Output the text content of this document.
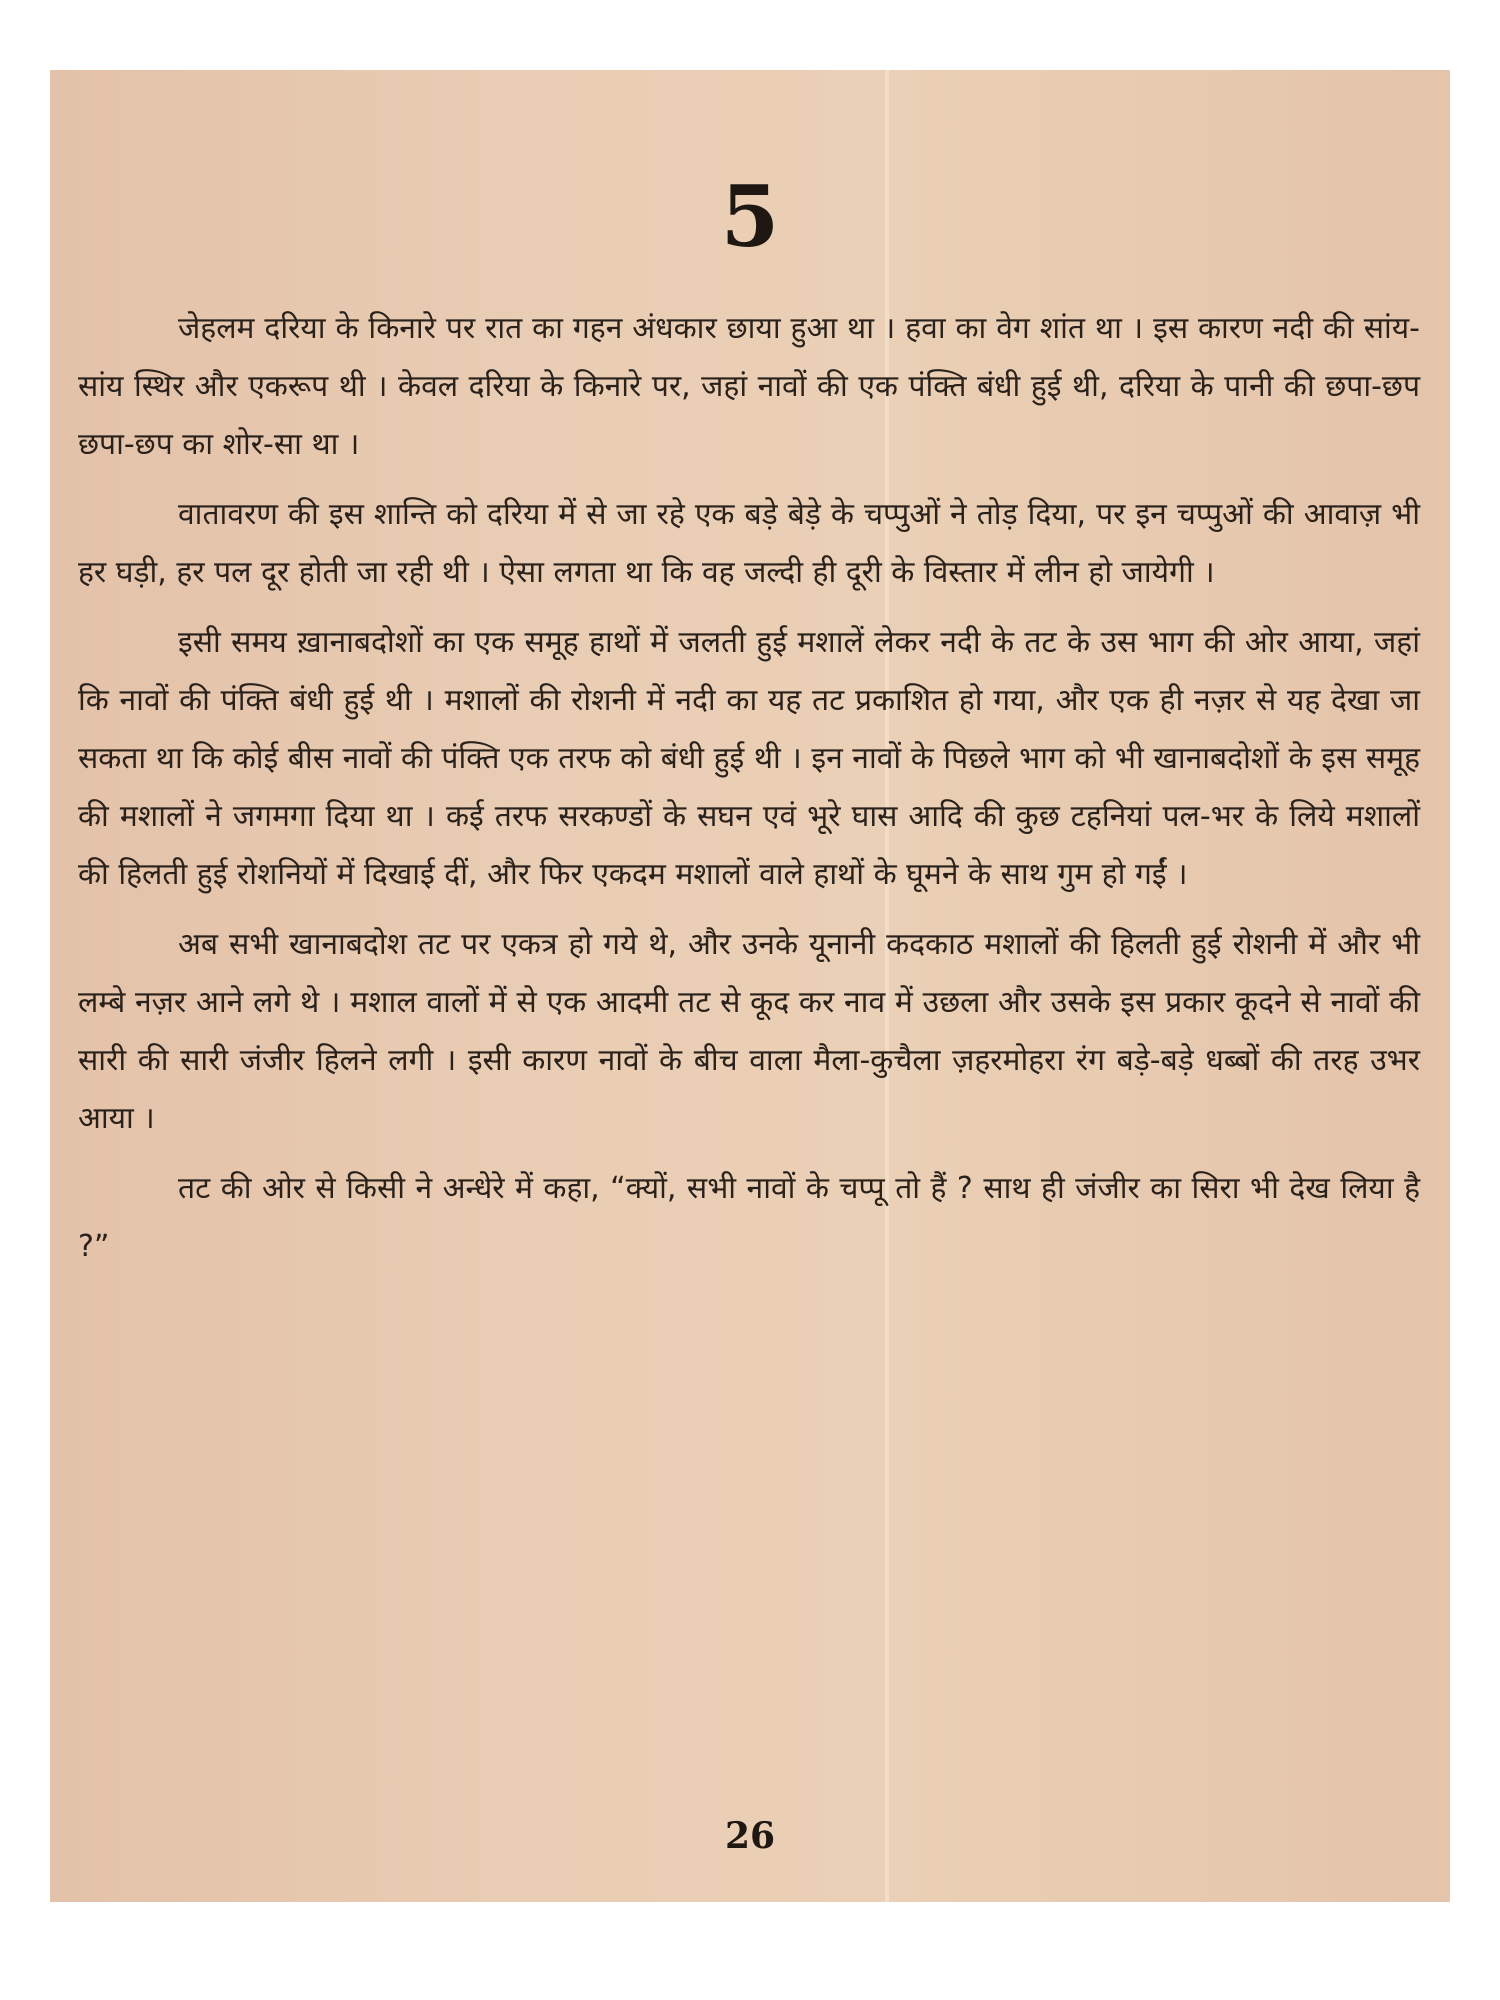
5

जेहलम दरिया के किनारे पर रात का गहन अंधकार छाया हुआ था । हवा का वेग शांत था । इस कारण नदी की सांय-सांय स्थिर और एकरूप थी । केवल दरिया के किनारे पर, जहां नावों की एक पंक्ति बंधी हुई थी, दरिया के पानी की छपा-छप छपा-छप का शोर-सा था ।

वातावरण की इस शान्ति को दरिया में से जा रहे एक बड़े बेड़े के चप्पुओं ने तोड़ दिया, पर इन चप्पुओं की आवाज़ भी हर घड़ी, हर पल दूर होती जा रही थी । ऐसा लगता था कि वह जल्दी ही दूरी के विस्तार में लीन हो जायेगी ।

इसी समय ख़ानाबदोशों का एक समूह हाथों में जलती हुई मशालें लेकर नदी के तट के उस भाग की ओर आया, जहां कि नावों की पंक्ति बंधी हुई थी । मशालों की रोशनी में नदी का यह तट प्रकाशित हो गया, और एक ही नज़र से यह देखा जा सकता था कि कोई बीस नावों की पंक्ति एक तरफ को बंधी हुई थी । इन नावों के पिछले भाग को भी खानाबदोशों के इस समूह की मशालों ने जगमगा दिया था । कई तरफ सरकण्डों के सघन एवं भूरे घास आदि की कुछ टहनियां पल-भर के लिये मशालों की हिलती हुई रोशनियों में दिखाई दीं, और फिर एकदम मशालों वाले हाथों के घूमने के साथ गुम हो गईं ।

अब सभी खानाबदोश तट पर एकत्र हो गये थे, और उनके यूनानी कदकाठ मशालों की हिलती हुई रोशनी में और भी लम्बे नज़र आने लगे थे । मशाल वालों में से एक आदमी तट से कूद कर नाव में उछला और उसके इस प्रकार कूदने से नावों की सारी की सारी जंजीर हिलने लगी । इसी कारण नावों के बीच वाला मैला-कुचैला ज़हरमोहरा रंग बड़े-बड़े धब्बों की तरह उभर आया ।

तट की ओर से किसी ने अन्धेरे में कहा, “क्यों, सभी नावों के चप्पू तो हैं ? साथ ही जंजीर का सिरा भी देख लिया है ?”

26
